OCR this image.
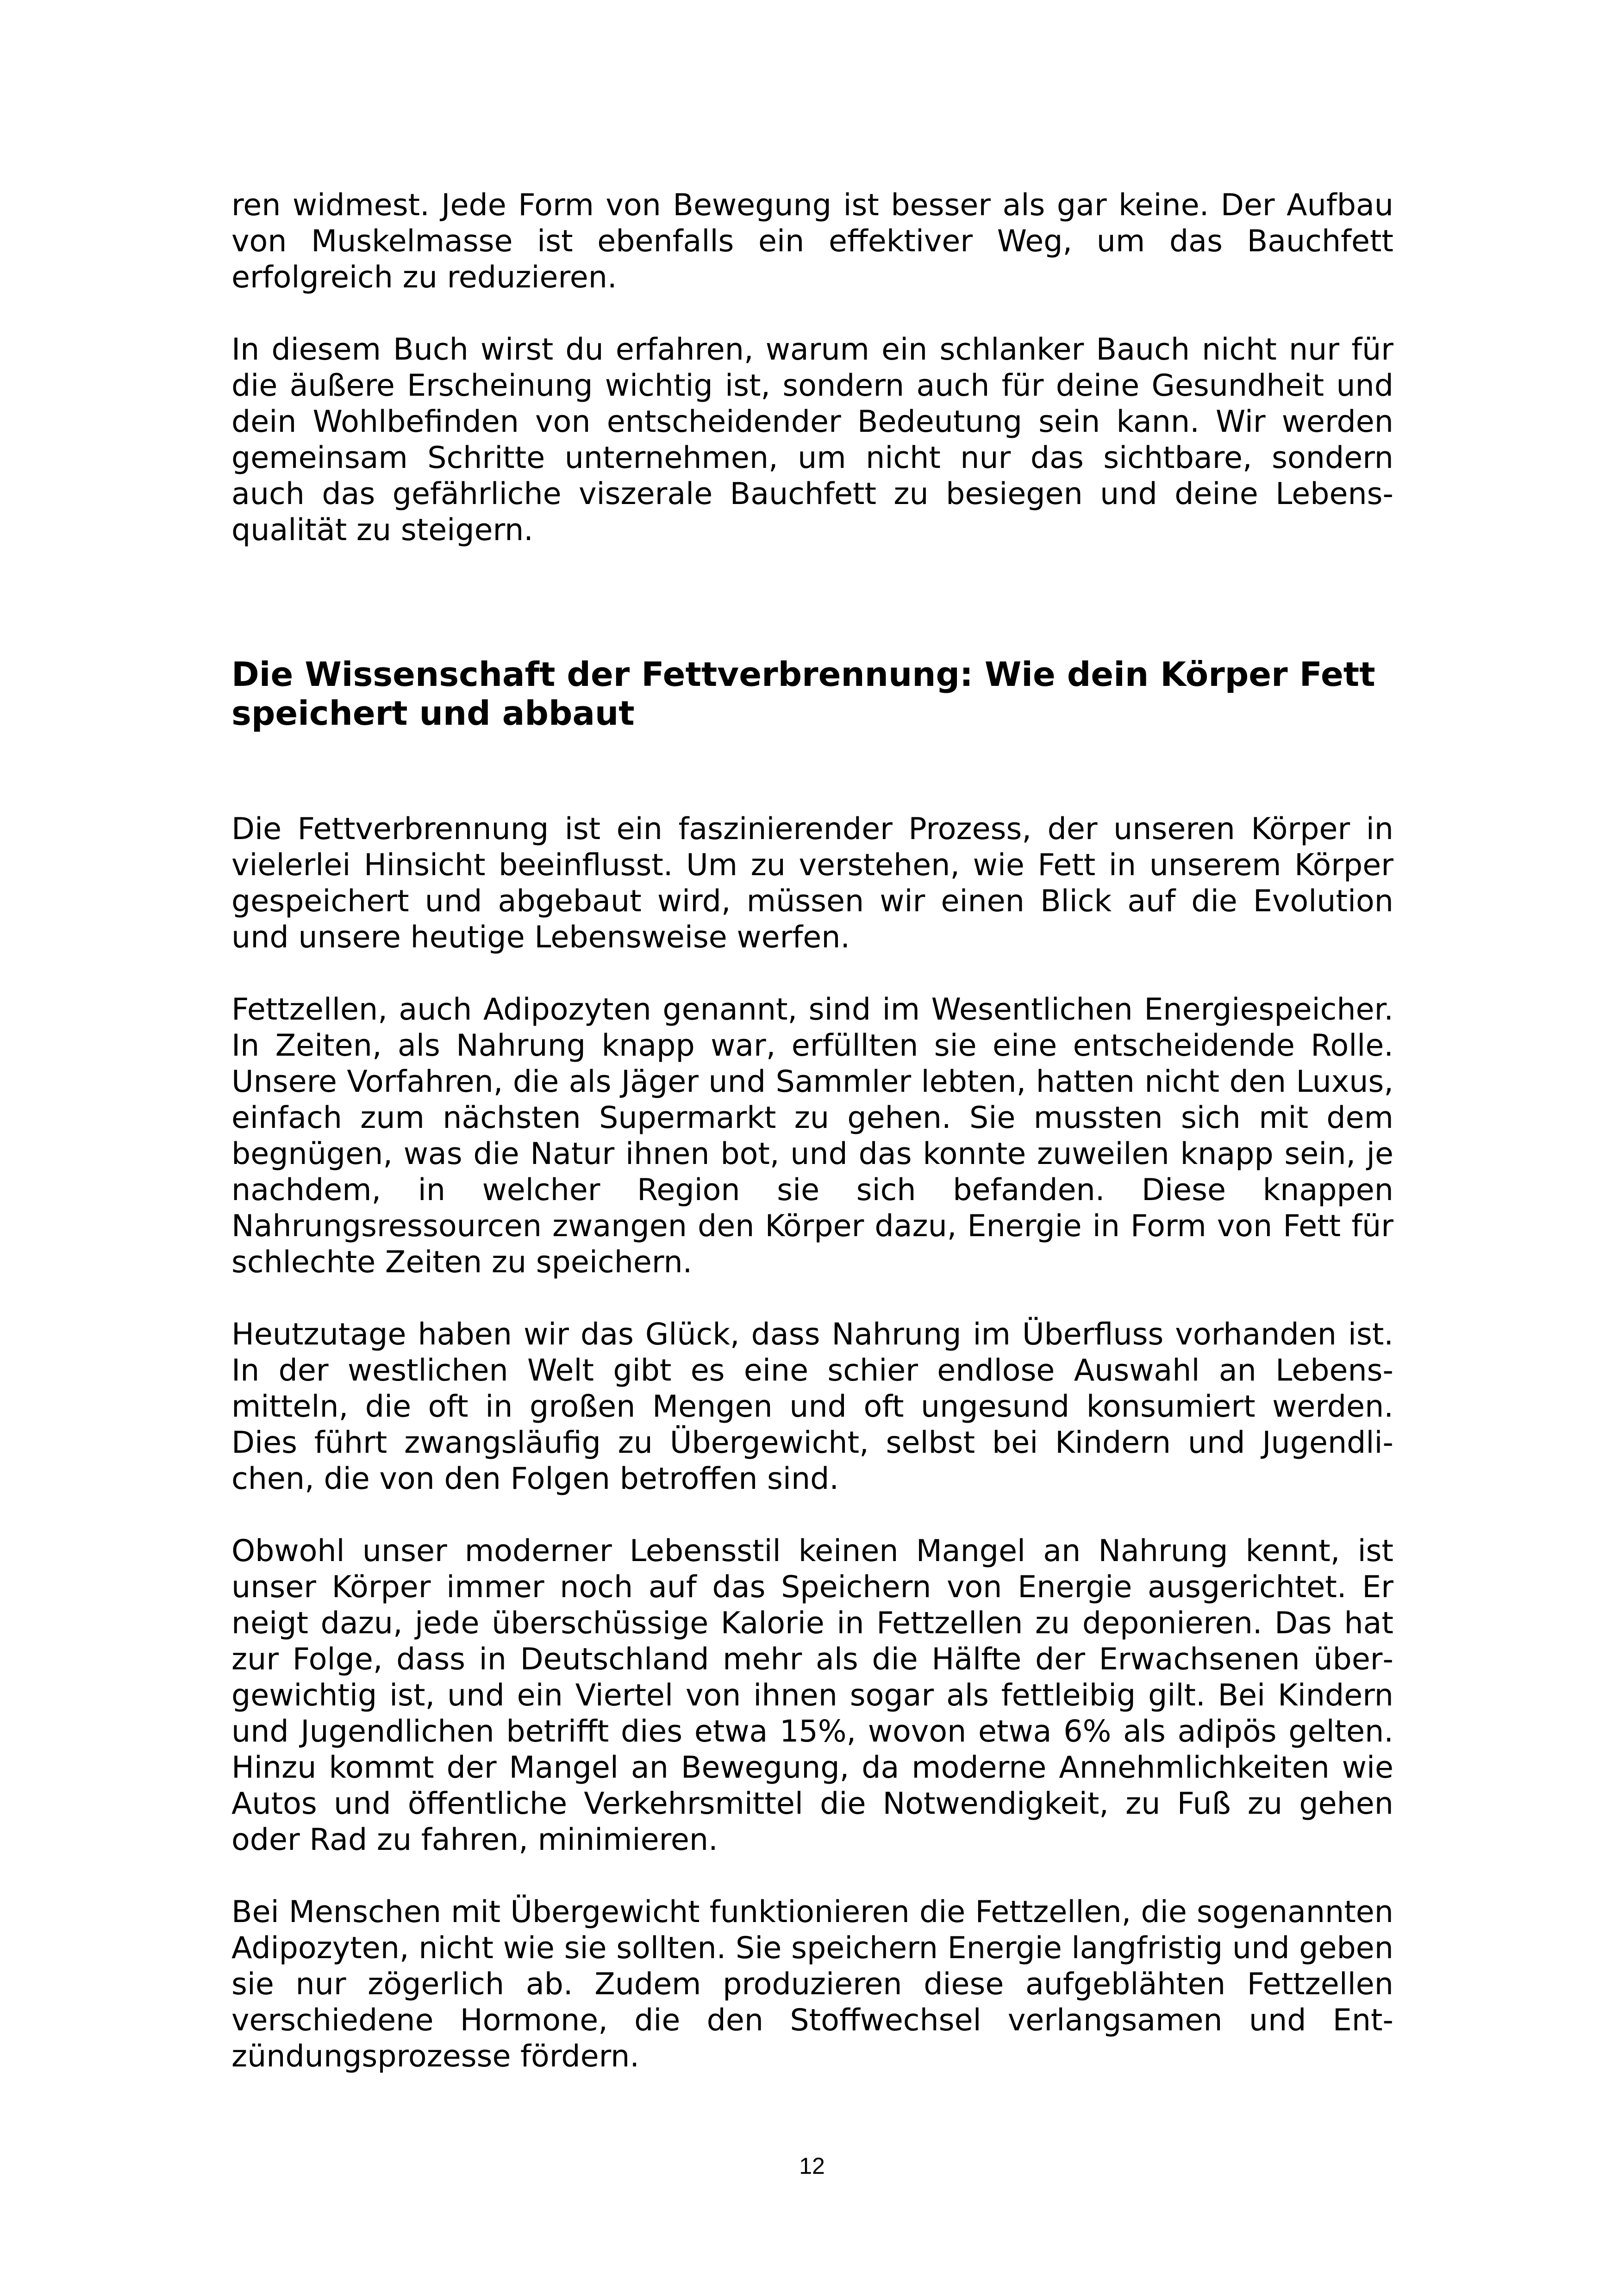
ren widmest. Jede Form von Bewegung ist besser als gar keine. Der Aufbau von Muskelmasse ist ebenfalls ein effektiver Weg, um das Bauchfett erfolgreich zu reduzieren.

In diesem Buch wirst du erfahren, warum ein schlanker Bauch nicht nur für die äußere Erscheinung wichtig ist, sondern auch für deine Gesundheit und dein Wohlbefinden von entscheidender Bedeutung sein kann. Wir werden gemeinsam Schritte unternehmen, um nicht nur das sichtbare, sondern auch das gefährliche viszerale Bauchfett zu besiegen und deine Lebensqualität zu steigern.

Die Wissenschaft der Fettverbrennung: Wie dein Körper Fett speichert und abbaut

Die Fettverbrennung ist ein faszinierender Prozess, der unseren Körper in vielerlei Hinsicht beeinflusst. Um zu verstehen, wie Fett in unserem Körper gespeichert und abgebaut wird, müssen wir einen Blick auf die Evolution und unsere heutige Lebensweise werfen.

Fettzellen, auch Adipozyten genannt, sind im Wesentlichen Energiespeicher. In Zeiten, als Nahrung knapp war, erfüllten sie eine entscheidende Rolle. Unsere Vorfahren, die als Jäger und Sammler lebten, hatten nicht den Luxus, einfach zum nächsten Supermarkt zu gehen. Sie mussten sich mit dem begnügen, was die Natur ihnen bot, und das konnte zuweilen knapp sein, je nachdem, in welcher Region sie sich befanden. Diese knappen Nahrungsressourcen zwangen den Körper dazu, Energie in Form von Fett für schlechte Zeiten zu speichern.

Heutzutage haben wir das Glück, dass Nahrung im Überfluss vorhanden ist. In der westlichen Welt gibt es eine schier endlose Auswahl an Lebensmitteln, die oft in großen Mengen und oft ungesund konsumiert werden. Dies führt zwangsläufig zu Übergewicht, selbst bei Kindern und Jugendlichen, die von den Folgen betroffen sind.

Obwohl unser moderner Lebensstil keinen Mangel an Nahrung kennt, ist unser Körper immer noch auf das Speichern von Energie ausgerichtet. Er neigt dazu, jede überschüssige Kalorie in Fettzellen zu deponieren. Das hat zur Folge, dass in Deutschland mehr als die Hälfte der Erwachsenen übergewichtig ist, und ein Viertel von ihnen sogar als fettleibig gilt. Bei Kindern und Jugendlichen betrifft dies etwa 15%, wovon etwa 6% als adipös gelten. Hinzu kommt der Mangel an Bewegung, da moderne Annehmlichkeiten wie Autos und öffentliche Verkehrsmittel die Notwendigkeit, zu Fuß zu gehen oder Rad zu fahren, minimieren.

Bei Menschen mit Übergewicht funktionieren die Fettzellen, die sogenannten Adipozyten, nicht wie sie sollten. Sie speichern Energie langfristig und geben sie nur zögerlich ab. Zudem produzieren diese aufgeblähten Fettzellen verschiedene Hormone, die den Stoffwechsel verlangsamen und Entzündungsprozesse fördern.

12
